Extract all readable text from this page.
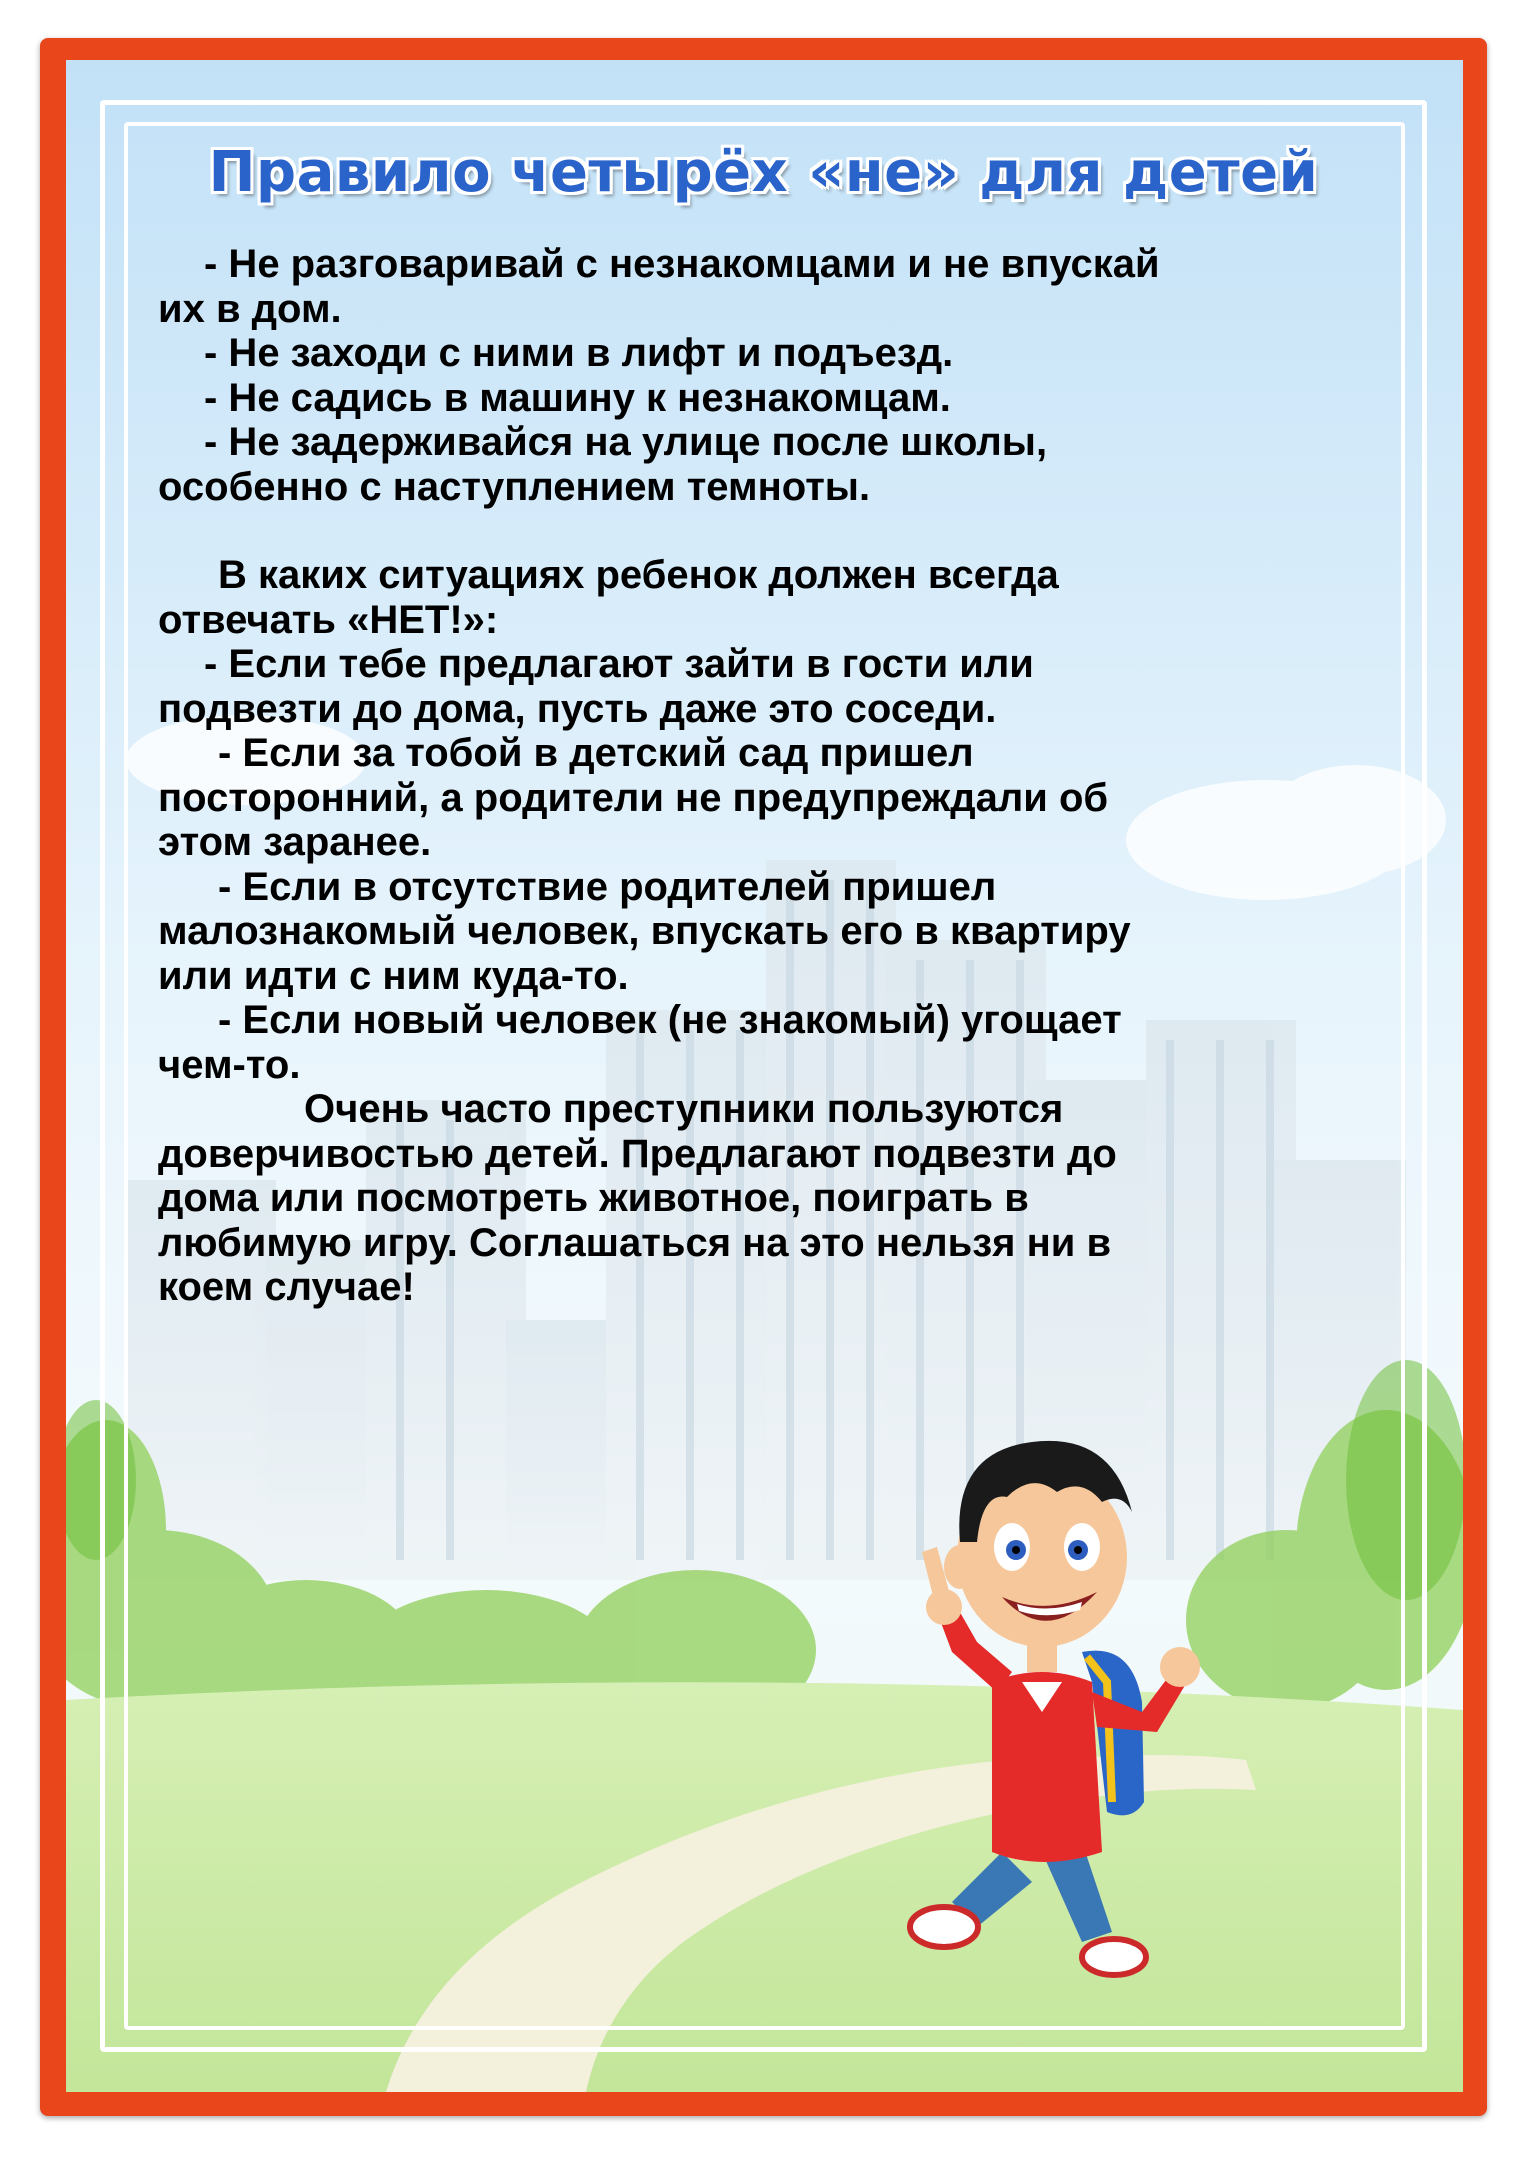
Правило четырёх «не» для детей

- Не разговаривай с незнакомцами и не впускай

их в дом.

- Не заходи с ними в лифт и подъезд.

- Не садись в машину к незнакомцам.

- Не задерживайся на улице после школы,

особенно с наступлением темноты.

В каких ситуациях ребенок должен всегда

отвечать «НЕТ!»:

- Если тебе предлагают зайти в гости или

подвезти до дома, пусть даже это соседи.

- Если за тобой в детский сад пришел

посторонний, а родители не предупреждали об

этом заранее.

- Если в отсутствие родителей пришел

малознакомый человек, впускать его в квартиру

или идти с ним куда-то.

- Если новый человек (не знакомый) угощает

чем-то.

Очень часто преступники пользуются

доверчивостью детей. Предлагают подвезти до

дома или посмотреть животное, поиграть в

любимую игру. Соглашаться на это нельзя ни в

коем случае!
